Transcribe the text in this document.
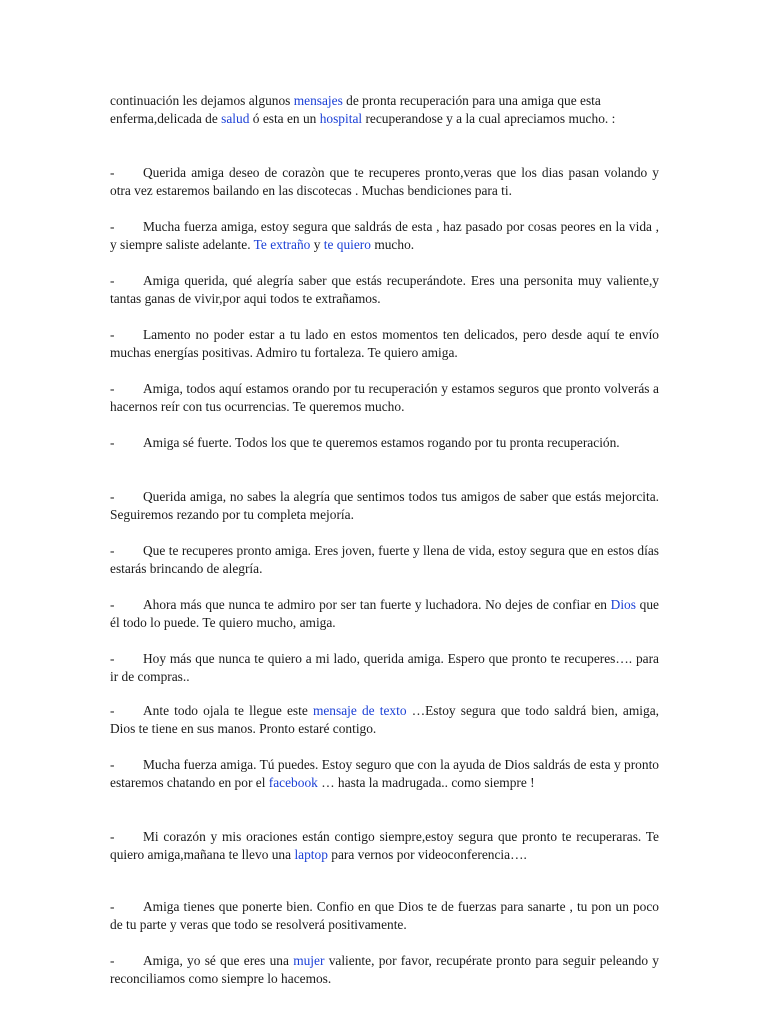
continuación les dejamos algunos mensajes de pronta recuperación para una amiga que esta enferma,delicada de salud ó esta en un hospital recuperandose y a la cual apreciamos mucho. :

- Querida amiga deseo de corazòn que te recuperes pronto,veras que los dias pasan volando y otra vez estaremos bailando en las discotecas . Muchas bendiciones para ti.

- Mucha fuerza amiga, estoy segura que saldrás de esta , haz pasado por cosas peores en la vida , y siempre saliste adelante. Te extraño y te quiero mucho.

- Amiga querida, qué alegría saber que estás recuperándote. Eres una personita muy valiente,y tantas ganas de vivir,por aqui todos te extrañamos.

- Lamento no poder estar a tu lado en estos momentos ten delicados, pero desde aquí te envío muchas energías positivas. Admiro tu fortaleza. Te quiero amiga.

- Amiga, todos aquí estamos orando por tu recuperación y estamos seguros que pronto volverás a hacernos reír con tus ocurrencias. Te queremos mucho.

- Amiga sé fuerte. Todos los que te queremos estamos rogando por tu pronta recuperación.

- Querida amiga, no sabes la alegría que sentimos todos tus amigos de saber que estás mejorcita. Seguiremos rezando por tu completa mejoría.

- Que te recuperes pronto amiga. Eres joven, fuerte y llena de vida, estoy segura que en estos días estarás brincando de alegría.

- Ahora más que nunca te admiro por ser tan fuerte y luchadora. No dejes de confiar en Dios que él todo lo puede. Te quiero mucho, amiga.

- Hoy más que nunca te quiero a mi lado, querida amiga. Espero que pronto te recuperes…. para ir de compras..

- Ante todo ojala te llegue este mensaje de texto …Estoy segura que todo saldrá bien, amiga, Dios te tiene en sus manos. Pronto estaré contigo.

- Mucha fuerza amiga. Tú puedes. Estoy seguro que con la ayuda de Dios saldrás de esta y pronto estaremos chatando en por el facebook … hasta la madrugada.. como siempre !

- Mi corazón y mis oraciones están contigo siempre,estoy segura que pronto te recuperaras. Te quiero amiga,mañana te llevo una laptop para vernos por videoconferencia….

- Amiga tienes que ponerte bien. Confio en que Dios te de fuerzas para sanarte , tu pon un poco de tu parte y veras que todo se resolverá positivamente.

- Amiga, yo sé que eres una mujer valiente, por favor, recupérate pronto para seguir peleando y reconciliamos como siempre lo hacemos.
